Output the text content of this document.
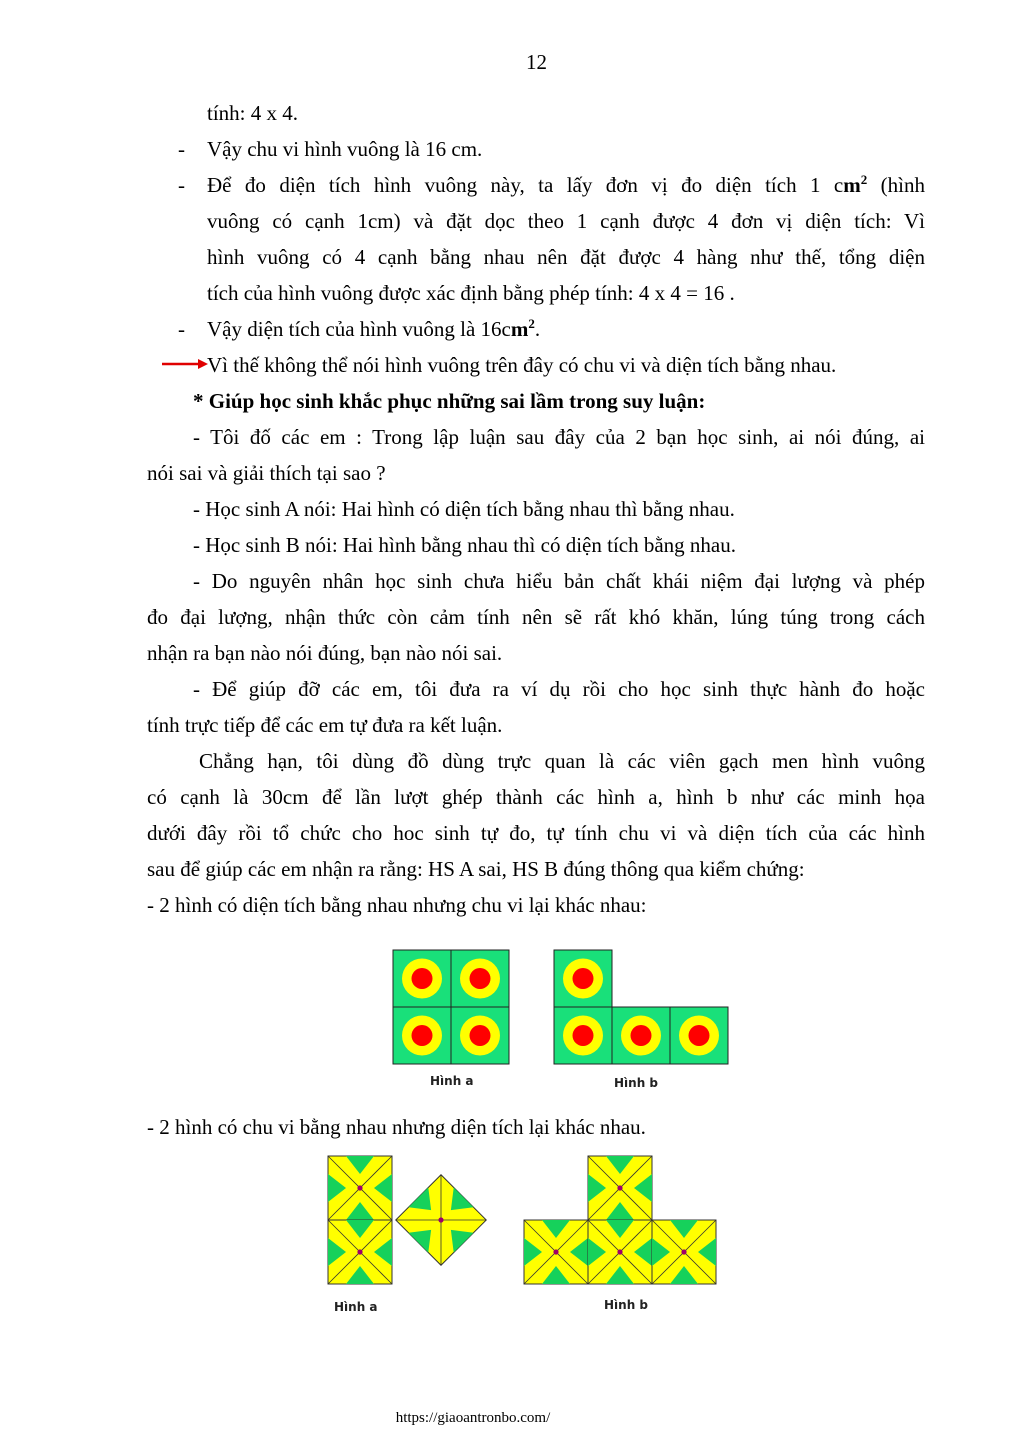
12
tính: 4 x 4.
- Vậy chu vi hình vuông là 16 cm.
- Để đo diện tích hình vuông này, ta lấy đơn vị đo diện tích 1 $cm^2$ (hình
vuông có cạnh 1cm) và đặt dọc theo 1 cạnh được 4 đơn vị diện tích: Vì
hình vuông có 4 cạnh bằng nhau nên đặt được 4 hàng như thế, tổng diện
tích của hình vuông được xác định bằng phép tính: 4 x 4 = 16 .
- Vậy diện tích của hình vuông là $16cm^2$.
Vì thế không thể nói hình vuông trên đây có chu vi và diện tích bằng nhau.
* Giúp học sinh khắc phục những sai lầm trong suy luận:
- Tôi đố các em : Trong lập luận sau đây của 2 bạn học sinh, ai nói đúng, ai
nói sai và giải thích tại sao ?
- Học sinh A nói: Hai hình có diện tích bằng nhau thì bằng nhau.
- Học sinh B nói: Hai hình bằng nhau thì có diện tích bằng nhau.
- Do nguyên nhân học sinh chưa hiểu bản chất khái niệm đại lượng và phép
đo đại lượng, nhận thức còn cảm tính nên sẽ rất khó khăn, lúng túng trong cách
nhận ra bạn nào nói đúng, bạn nào nói sai.
- Để giúp đỡ các em, tôi đưa ra ví dụ rồi cho học sinh thực hành đo hoặc
tính trực tiếp để các em tự đưa ra kết luận.
Chẳng hạn, tôi dùng đồ dùng trực quan là các viên gạch men hình vuông
có cạnh là 30cm để lần lượt ghép thành các hình a, hình b như các minh họa
dưới đây rồi tổ chức cho hoc sinh tự đo, tự tính chu vi và diện tích của các hình
sau để giúp các em nhận ra rằng: HS A sai, HS B đúng thông qua kiểm chứng:
- 2 hình có diện tích bằng nhau nhưng chu vi lại khác nhau:
Hình a	Hình b
- 2 hình có chu vi bằng nhau nhưng diện tích lại khác nhau.
Hình a	Hình b
https://giaoantronbo.com/
